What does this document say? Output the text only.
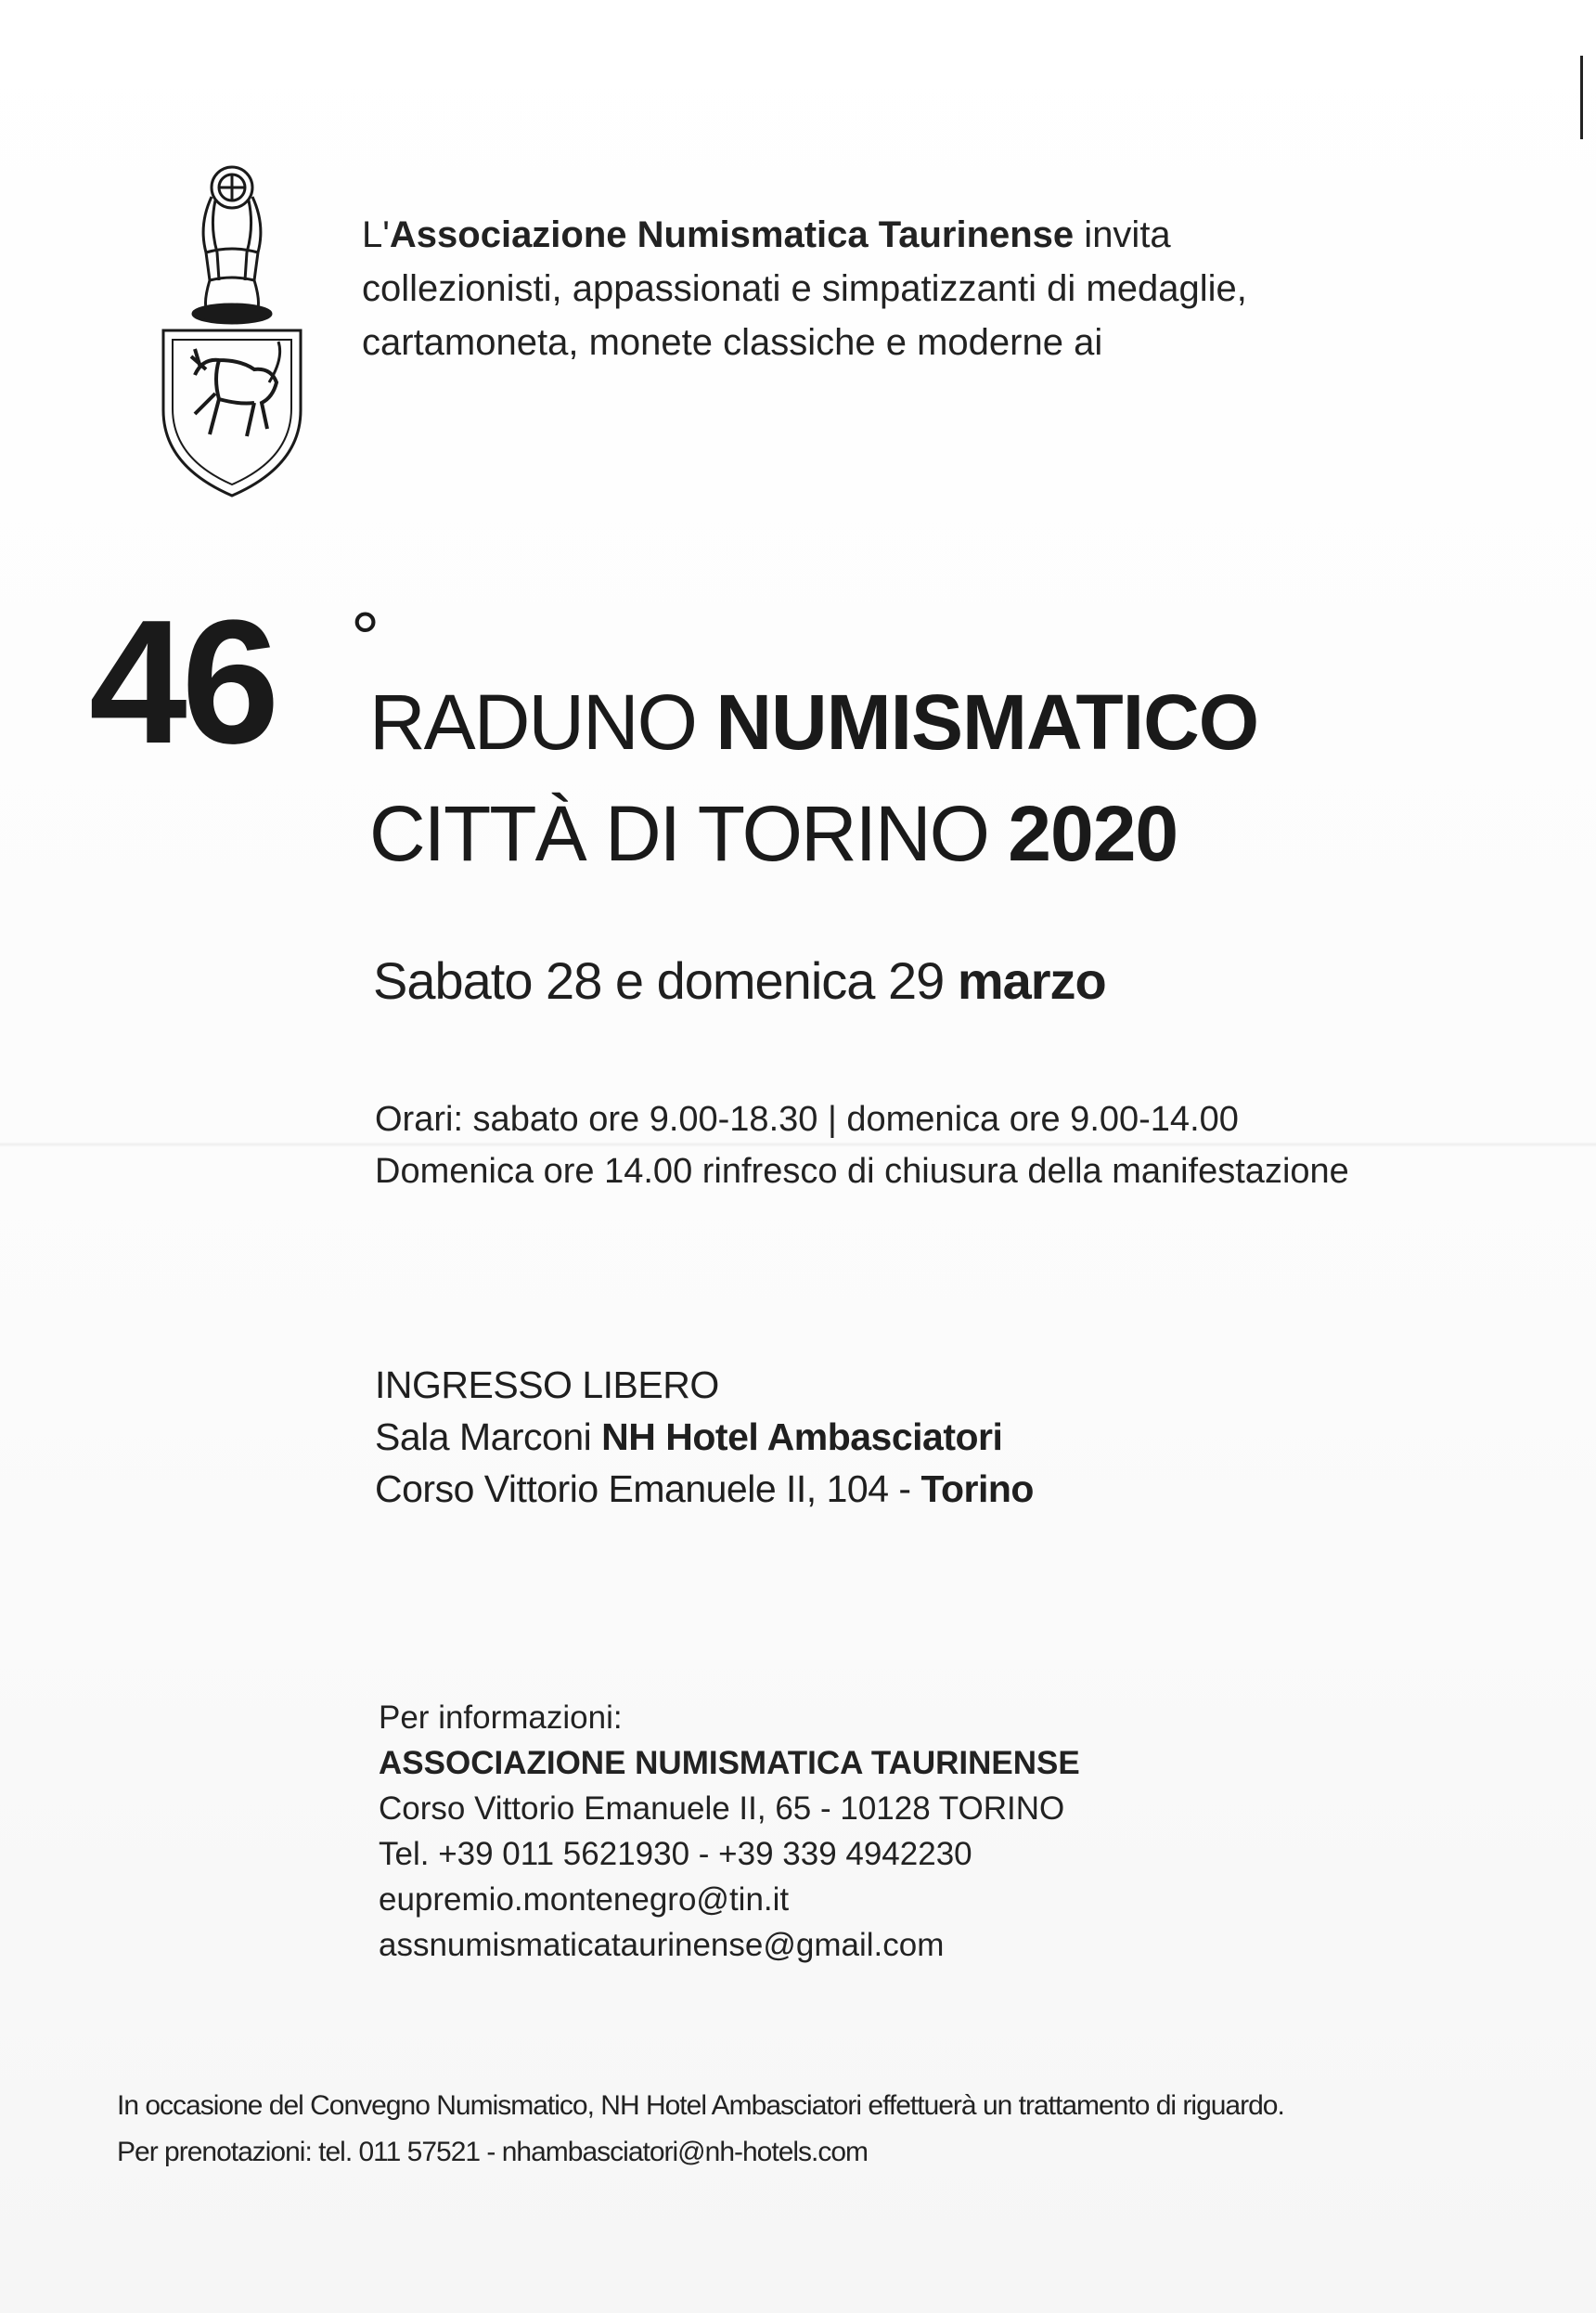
L'Associazione Numismatica Taurinense invita
collezionisti, appassionati e simpatizzanti di medaglie,
cartamoneta, monete classiche e moderne ai
46 °
RADUNO NUMISMATICO
CITTÀ DI TORINO 2020
Sabato 28 e domenica 29 marzo
Orari: sabato ore 9.00-18.30 | domenica ore 9.00-14.00
Domenica ore 14.00 rinfresco di chiusura della manifestazione
INGRESSO LIBERO
Sala Marconi NH Hotel Ambasciatori
Corso Vittorio Emanuele II, 104 - Torino
Per informazioni:
ASSOCIAZIONE NUMISMATICA TAURINENSE
Corso Vittorio Emanuele II, 65 - 10128 TORINO
Tel. +39 011 5621930 - +39 339 4942230
eupremio.montenegro@tin.it
assnumismaticataurinense@gmail.com
In occasione del Convegno Numismatico, NH Hotel Ambasciatori effettuerà un trattamento di riguardo.
Per prenotazioni: tel. 011 57521 - nhambasciatori@nh-hotels.com
